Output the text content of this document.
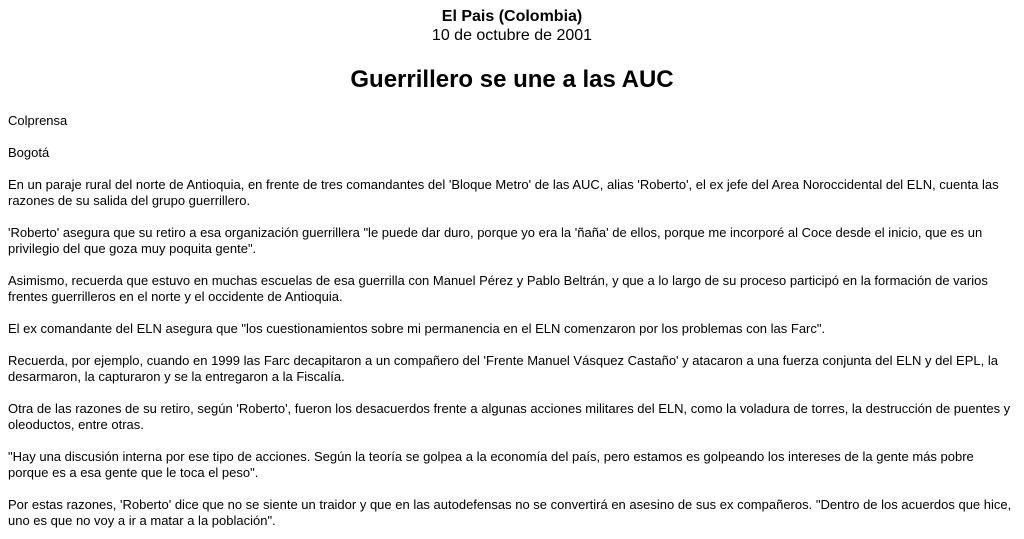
El Pais (Colombia)
10 de octubre de 2001
Guerrillero se une a las AUC

Colprensa

Bogotá

En un paraje rural del norte de Antioquia, en frente de tres comandantes del 'Bloque Metro' de las AUC, alias 'Roberto', el ex jefe del Area Noroccidental del ELN, cuenta las razones de su salida del grupo guerrillero.

'Roberto' asegura que su retiro a esa organización guerrillera "le puede dar duro, porque yo era la 'ñaña' de ellos, porque me incorporé al Coce desde el inicio, que es un privilegio del que goza muy poquita gente".

Asimismo, recuerda que estuvo en muchas escuelas de esa guerrilla con Manuel Pérez y Pablo Beltrán, y que a lo largo de su proceso participó en la formación de varios frentes guerrilleros en el norte y el occidente de Antioquia.

El ex comandante del ELN asegura que "los cuestionamientos sobre mi permanencia en el ELN comenzaron por los problemas con las Farc".

Recuerda, por ejemplo, cuando en 1999 las Farc decapitaron a un compañero del 'Frente Manuel Vásquez Castaño' y atacaron a una fuerza conjunta del ELN y del EPL, la desarmaron, la capturaron y se la entregaron a la Fiscalía.

Otra de las razones de su retiro, según 'Roberto', fueron los desacuerdos frente a algunas acciones militares del ELN, como la voladura de torres, la destrucción de puentes y oleoductos, entre otras.

"Hay una discusión interna por ese tipo de acciones. Según la teoría se golpea a la economía del país, pero estamos es golpeando los intereses de la gente más pobre porque es a esa gente que le toca el peso".

Por estas razones, 'Roberto' dice que no se siente un traidor y que en las autodefensas no se convertirá en asesino de sus ex compañeros. "Dentro de los acuerdos que hice, uno es que no voy a ir a matar a la población".
